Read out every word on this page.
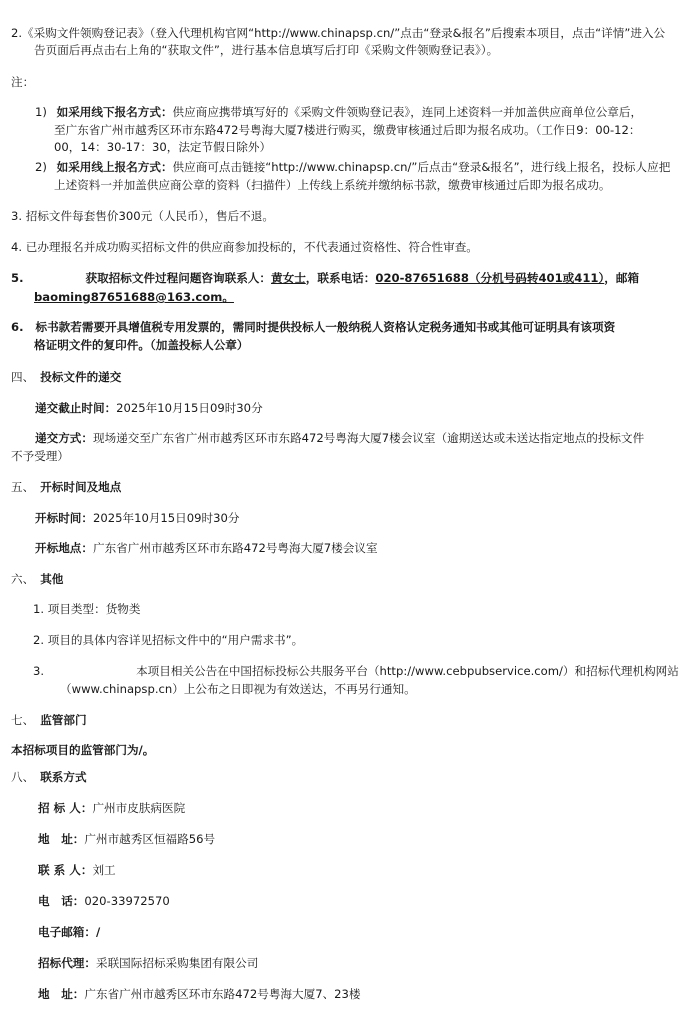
2.《采购文件领购登记表》（登入代理机构官网“http://www.chinapsp.cn/”点击“登录&报名”后搜索本项目，点击“详情”进入公
告页面后再点击右上角的“获取文件”，进行基本信息填写后打印《采购文件领购登记表》）。
注：
1) 如采用线下报名方式：供应商应携带填写好的《采购文件领购登记表》，连同上述资料一并加盖供应商单位公章后，
至广东省广州市越秀区环市东路472号粤海大厦7楼进行购买，缴费审核通过后即为报名成功。（工作日9：00-12：
00，14：30-17：30，法定节假日除外）
2) 如采用线上报名方式：供应商可点击链接“http://www.chinapsp.cn/”后点击“登录&报名”，进行线上报名，投标人应把
上述资料一并加盖供应商公章的资料（扫描件）上传线上系统并缴纳标书款，缴费审核通过后即为报名成功。
3. 招标文件每套售价300元（人民币），售后不退。
4. 已办理报名并成功购买招标文件的供应商参加投标的，不代表通过资格性、符合性审查。
5.	获取招标文件过程问题咨询联系人：黄女士，联系电话：020-87651688（分机号码转401或411），邮箱
baoming87651688@163.com。
6. 标书款若需要开具增值税专用发票的，需同时提供投标人一般纳税人资格认定税务通知书或其他可证明具有该项资
格证明文件的复印件。（加盖投标人公章）
四、 投标文件的递交
递交截止时间：2025年10月15日09时30分
递交方式：现场递交至广东省广州市越秀区环市东路472号粤海大厦7楼会议室（逾期送达或未送达指定地点的投标文件
不予受理）
五、 开标时间及地点
开标时间：2025年10月15日09时30分
开标地点：广东省广州市越秀区环市东路472号粤海大厦7楼会议室
六、 其他
1. 项目类型：货物类
2. 项目的具体内容详见招标文件中的“用户需求书”。
3.	本项目相关公告在中国招标投标公共服务平台（http://www.cebpubservice.com/）和招标代理机构网站
（www.chinapsp.cn）上公布之日即视为有效送达，不再另行通知。
七、 监管部门
本招标项目的监管部门为/。
八、 联系方式
招 标 人：广州市皮肤病医院
地　址：广州市越秀区恒福路56号
联 系 人：刘工
电　话：020-33972570
电子邮箱：/
招标代理：采联国际招标采购集团有限公司
地　址：广东省广州市越秀区环市东路472号粤海大厦7、23楼
